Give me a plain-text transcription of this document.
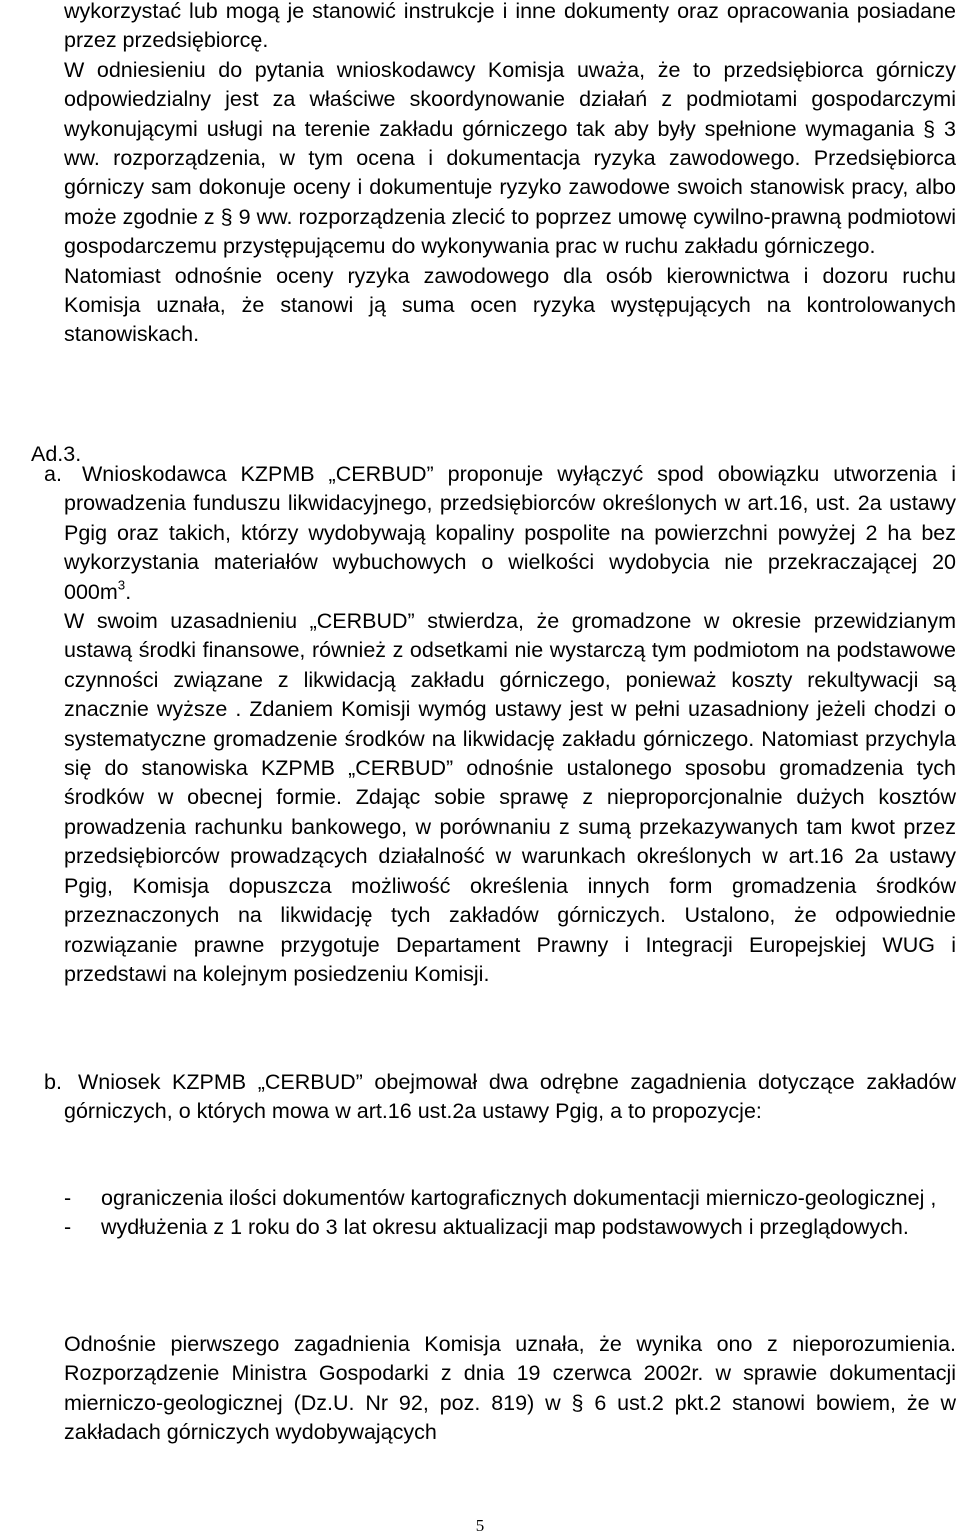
wykorzystać lub mogą je stanowić instrukcje i inne dokumenty oraz opracowania posiadane przez przedsiębiorcę.

W odniesieniu do pytania wnioskodawcy Komisja uważa, że to przedsiębiorca górniczy odpowiedzialny jest za właściwe skoordynowanie działań z podmiotami gospodarczymi wykonującymi usługi na terenie zakładu górniczego tak aby były spełnione wymagania § 3 ww. rozporządzenia, w tym ocena i dokumentacja ryzyka zawodowego. Przedsiębiorca górniczy sam dokonuje oceny i dokumentuje ryzyko zawodowe swoich stanowisk pracy, albo może zgodnie z § 9 ww. rozporządzenia zlecić to poprzez umowę cywilno-prawną podmiotowi gospodarczemu przystępującemu do wykonywania prac w ruchu zakładu górniczego.

Natomiast odnośnie oceny ryzyka zawodowego dla osób kierownictwa i dozoru ruchu Komisja uznała, że stanowi ją suma ocen ryzyka występujących na kontrolowanych stanowiskach.

Ad.3.
a. Wnioskodawca KZPMB „CERBUD” proponuje wyłączyć spod obowiązku utworzenia i prowadzenia funduszu likwidacyjnego, przedsiębiorców określonych w art.16, ust. 2a ustawy Pgig oraz takich, którzy wydobywają kopaliny pospolite na powierzchni powyżej 2 ha bez wykorzystania materiałów wybuchowych o wielkości wydobycia nie przekraczającej 20 $000m^3$.

W swoim uzasadnieniu „CERBUD” stwierdza, że gromadzone w okresie przewidzianym ustawą środki finansowe, również z odsetkami nie wystarczą tym podmiotom na podstawowe czynności związane z likwidacją zakładu górniczego, ponieważ koszty rekultywacji są znacznie wyższe . Zdaniem Komisji wymóg ustawy jest w pełni uzasadniony jeżeli chodzi o systematyczne gromadzenie środków na likwidację zakładu górniczego. Natomiast przychyla się do stanowiska KZPMB „CERBUD” odnośnie ustalonego sposobu gromadzenia tych środków w obecnej formie. Zdając sobie sprawę z nieproporcjonalnie dużych kosztów prowadzenia rachunku bankowego, w porównaniu z sumą przekazywanych tam kwot przez przedsiębiorców prowadzących działalność w warunkach określonych w art.16 2a ustawy Pgig, Komisja dopuszcza możliwość określenia innych form gromadzenia środków przeznaczonych na likwidację tych zakładów górniczych. Ustalono, że odpowiednie rozwiązanie prawne przygotuje Departament Prawny i Integracji Europejskiej WUG i przedstawi na kolejnym posiedzeniu Komisji.

b. Wniosek KZPMB „CERBUD” obejmował dwa odrębne zagadnienia dotyczące zakładów górniczych, o których mowa w art.16 ust.2a ustawy Pgig, a to propozycje:

- ograniczenia ilości dokumentów kartograficznych dokumentacji mierniczo-geologicznej ,
- wydłużenia z 1 roku do 3 lat okresu aktualizacji map podstawowych i przeglądowych.

Odnośnie pierwszego zagadnienia Komisja uznała, że wynika ono z nieporozumienia. Rozporządzenie Ministra Gospodarki z dnia 19 czerwca 2002r. w sprawie dokumentacji mierniczo-geologicznej (Dz.U. Nr 92, poz. 819) w § 6 ust.2 pkt.2 stanowi bowiem, że w zakładach górniczych wydobywających

5
